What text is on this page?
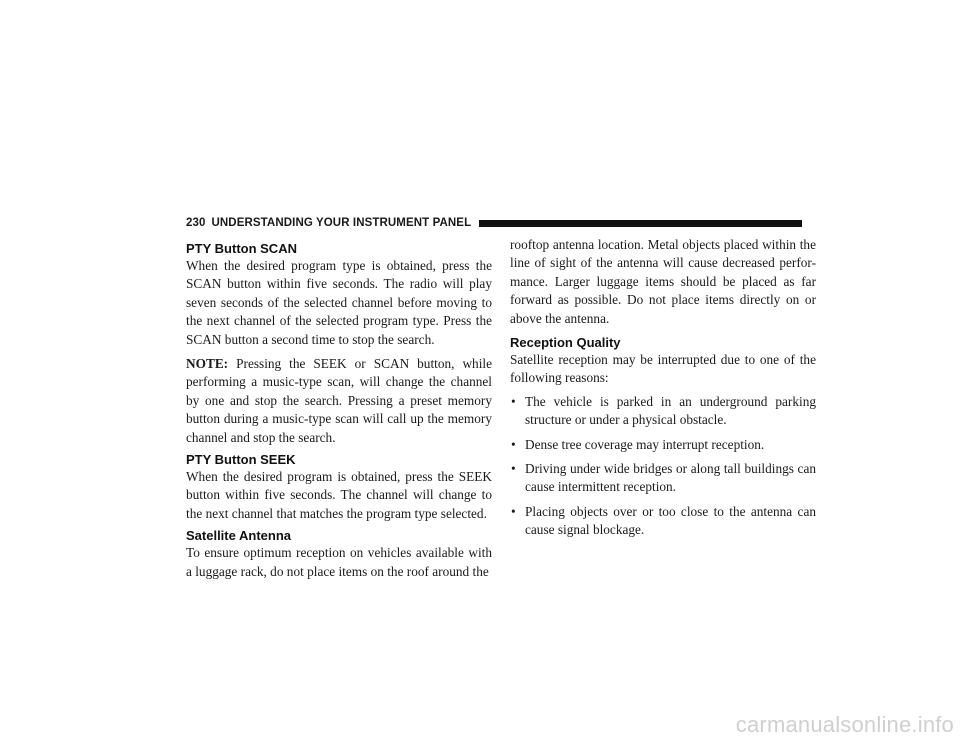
230 UNDERSTANDING YOUR INSTRUMENT PANEL
PTY Button SCAN

When the desired program type is obtained, press the SCAN button within five seconds. The radio will play seven seconds of the selected channel before moving to the next channel of the selected program type. Press the SCAN button a second time to stop the search.

NOTE: Pressing the SEEK or SCAN button, while performing a music-type scan, will change the channel by one and stop the search. Pressing a preset memory button during a music-type scan will call up the memory channel and stop the search.

PTY Button SEEK

When the desired program is obtained, press the SEEK button within five seconds. The channel will change to the next channel that matches the program type selected.

Satellite Antenna

To ensure optimum reception on vehicles available with a luggage rack, do not place items on the roof around the

rooftop antenna location. Metal objects placed within the line of sight of the antenna will cause decreased perfor-mance. Larger luggage items should be placed as far forward as possible. Do not place items directly on or above the antenna.

Reception Quality

Satellite reception may be interrupted due to one of the following reasons:

• The vehicle is parked in an underground parking structure or under a physical obstacle.
• Dense tree coverage may interrupt reception.
• Driving under wide bridges or along tall buildings can cause intermittent reception.
• Placing objects over or too close to the antenna can cause signal blockage.
carmanualsonline.info
